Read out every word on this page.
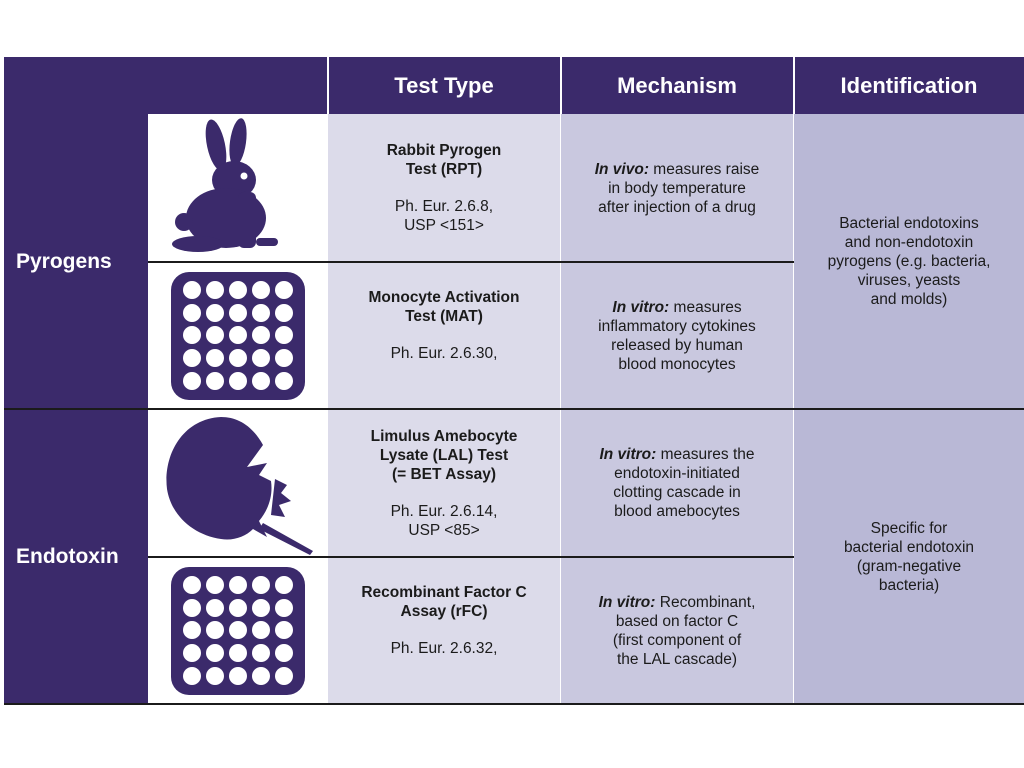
Test Type	Mechanism	Identification
Pyrogens
Endotoxin
Rabbit Pyrogen
Test (RPT)
Ph. Eur. 2.6.8,
USP <151>
Monocyte Activation
Test (MAT)
Ph. Eur. 2.6.30,
Limulus Amebocyte
Lysate (LAL) Test
(= BET Assay)
Ph. Eur. 2.6.14,
USP <85>
Recombinant Factor C
Assay (rFC)
Ph. Eur. 2.6.32,
In vivo: measures raise
in body temperature
after injection of a drug
In vitro: measures
inflammatory cytokines
released by human
blood monocytes
In vitro: measures the
endotoxin-initiated
clotting cascade in
blood amebocytes
In vitro: Recombinant,
based on factor C
(first component of
the LAL cascade)
Bacterial endotoxins
and non-endotoxin
pyrogens (e.g. bacteria,
viruses, yeasts
and molds)
Specific for
bacterial endotoxin
(gram-negative
bacteria)
